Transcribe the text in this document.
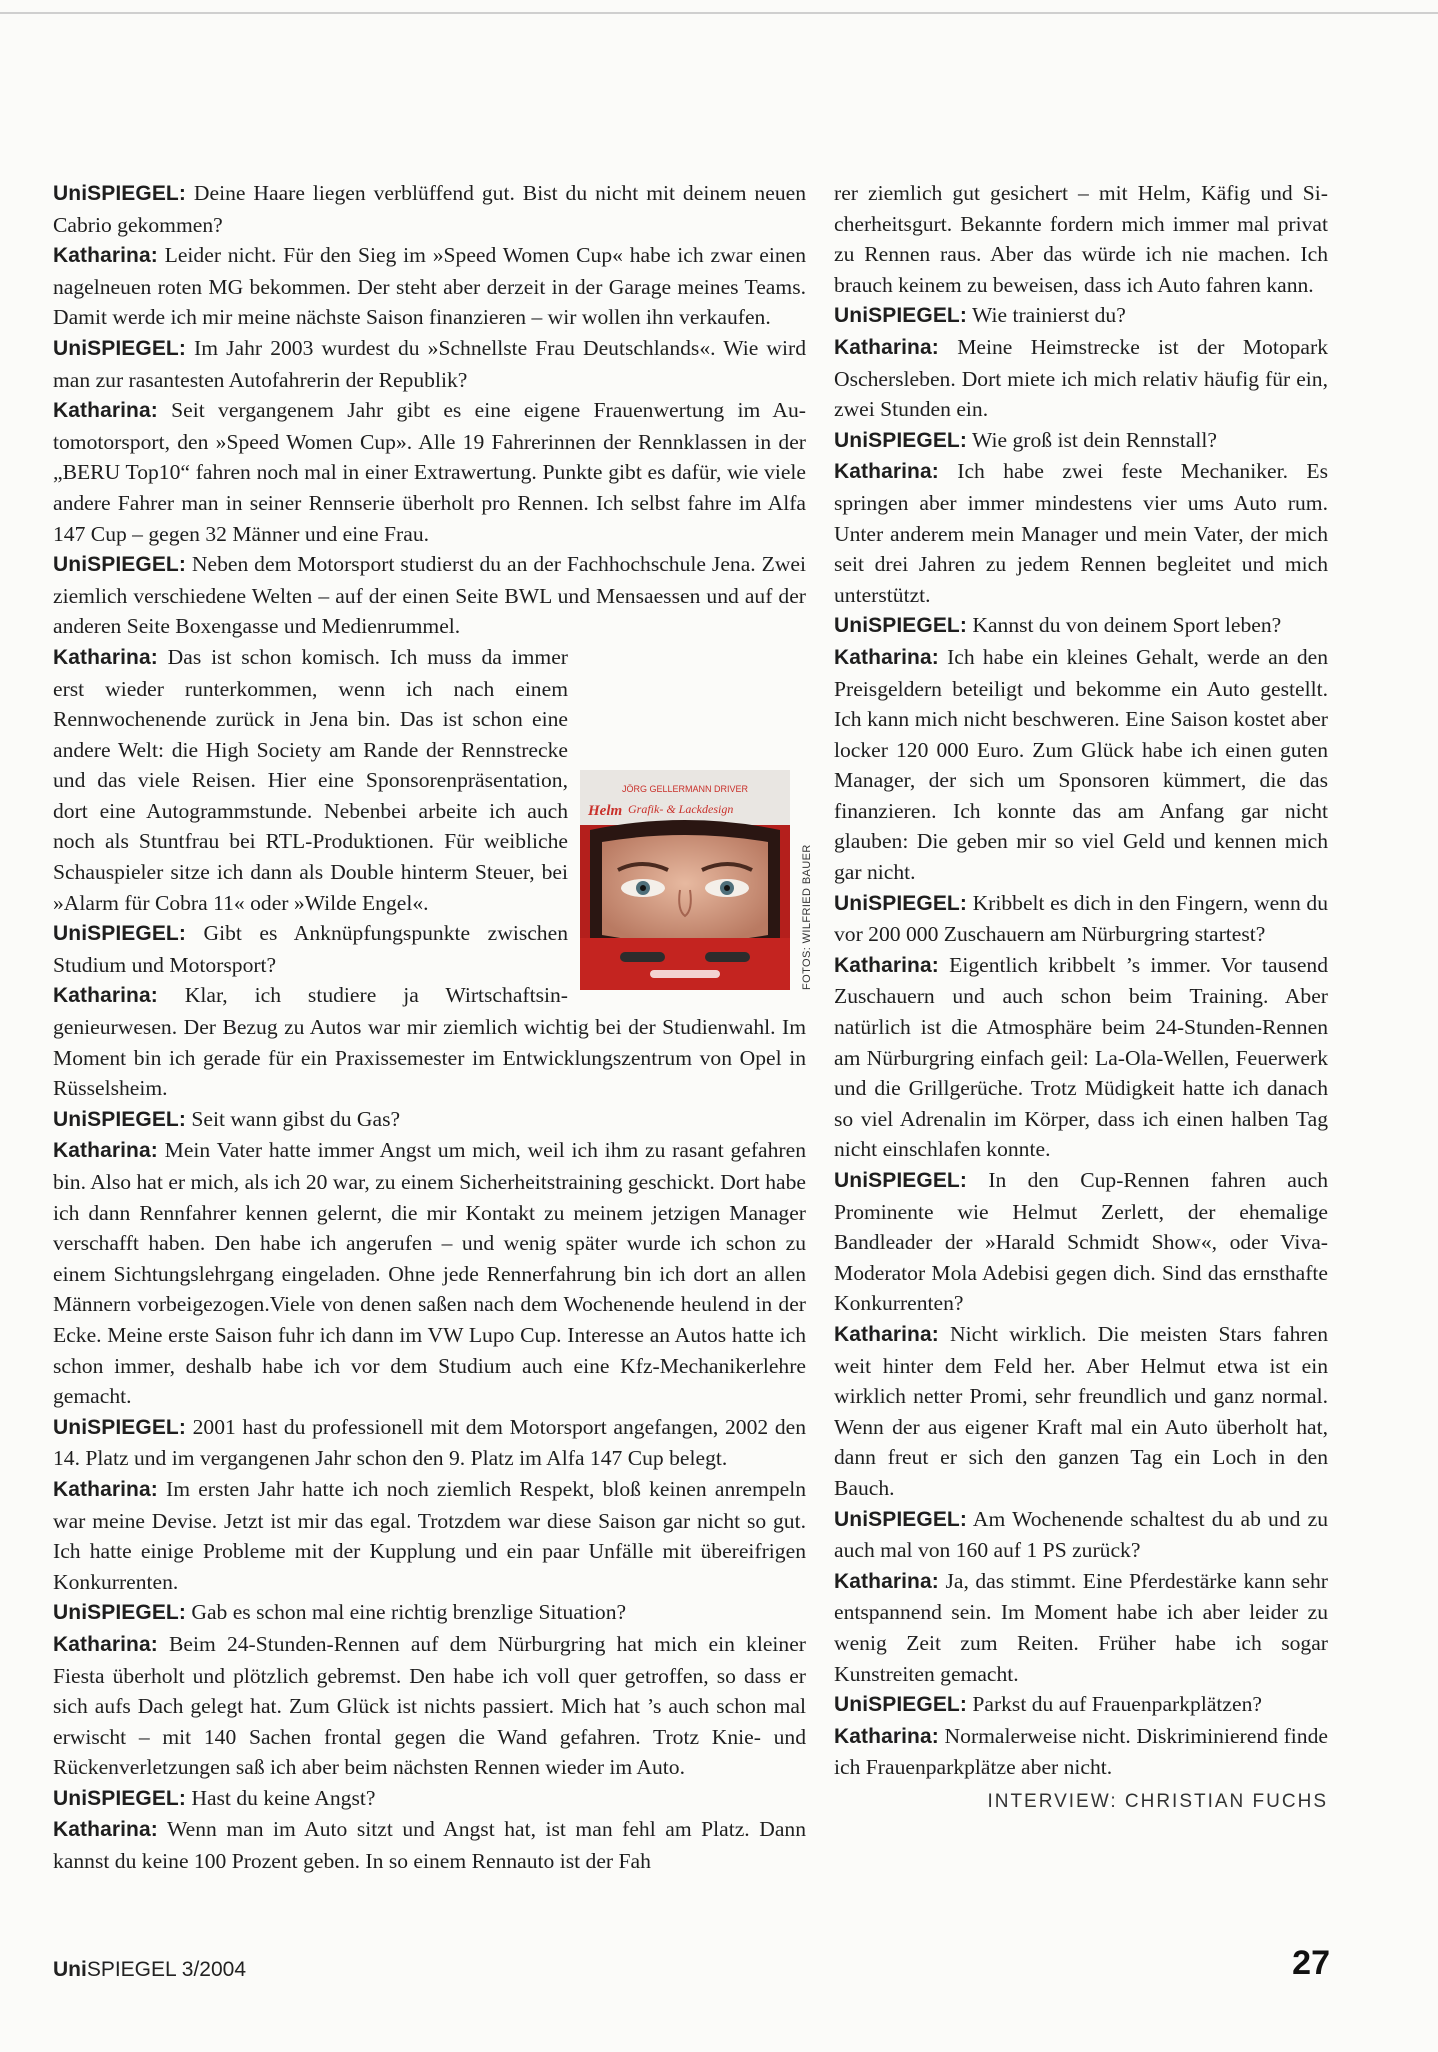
UniSPIEGEL: Deine Haare liegen verblüffend gut. Bist du nicht mit deinem neuen Cabrio gekommen?

Katharina: Leider nicht. Für den Sieg im »Speed Women Cup« habe ich zwar einen nagelneuen roten MG bekommen. Der steht aber derzeit in der Garage meines Teams. Damit werde ich mir meine nächste Saison finanzieren – wir wollen ihn verkaufen.

UniSPIEGEL: Im Jahr 2003 wurdest du »Schnellste Frau Deutschlands«. Wie wird man zur rasantesten Autofahrerin der Republik?

Katharina: Seit vergangenem Jahr gibt es eine eigene Frauenwertung im Automotorsport, den »Speed Women Cup». Alle 19 Fahrerinnen der Rennklassen in der „BERU Top10“ fahren noch mal in einer Extrawertung. Punkte gibt es dafür, wie viele andere Fahrer man in seiner Rennserie überholt pro Rennen. Ich selbst fahre im Alfa 147 Cup – gegen 32 Männer und eine Frau.

UniSPIEGEL: Neben dem Motorsport studierst du an der Fachhochschule Jena. Zwei ziemlich verschiedene Welten – auf der einen Seite BWL und Mensaessen und auf der anderen Seite Boxengasse und Medienrummel.

JÖRG GELLERMANN DRIVER
Helm Grafik- & Lackdesign
FOTOS: WILFRIED BAUER
Katharina: Das ist schon komisch. Ich muss da immer erst wieder runterkommen, wenn ich nach einem Rennwochenende zurück in Jena bin. Das ist schon eine andere Welt: die High Society am Rande der Rennstrecke und das viele Reisen. Hier eine Sponsorenpräsentation, dort eine Autogrammstunde. Nebenbei arbeite ich auch noch als Stuntfrau bei RTL-Produktionen. Für weibliche Schauspieler sitze ich dann als Double hinterm Steuer, bei »Alarm für Cobra 11« oder »Wilde Engel«.

UniSPIEGEL: Gibt es Anknüpfungspunkte zwischen Studium und Motorsport?

Katharina: Klar, ich studiere ja Wirtschaftsingenieurwesen. Der Bezug zu Autos war mir ziemlich wichtig bei der Studienwahl. Im Moment bin ich gerade für ein Praxissemester im Entwicklungszentrum von Opel in Rüsselsheim.

UniSPIEGEL: Seit wann gibst du Gas?

Katharina: Mein Vater hatte immer Angst um mich, weil ich ihm zu rasant gefahren bin. Also hat er mich, als ich 20 war, zu einem Sicherheitstraining geschickt. Dort habe ich dann Rennfahrer kennen gelernt, die mir Kontakt zu meinem jetzigen Manager verschafft haben. Den habe ich angerufen – und wenig später wurde ich schon zu einem Sichtungslehrgang eingeladen. Ohne jede Rennerfahrung bin ich dort an allen Männern vorbeigezogen.Viele von denen saßen nach dem Wochenende heulend in der Ecke. Meine erste Saison fuhr ich dann im VW Lupo Cup. Interesse an Autos hatte ich schon immer, deshalb habe ich vor dem Studium auch eine Kfz-Mechanikerlehre gemacht.

UniSPIEGEL: 2001 hast du professionell mit dem Motorsport angefangen, 2002 den 14. Platz und im vergangenen Jahr schon den 9. Platz im Alfa 147 Cup belegt.

Katharina: Im ersten Jahr hatte ich noch ziemlich Respekt, bloß keinen anrempeln war meine Devise. Jetzt ist mir das egal. Trotzdem war diese Saison gar nicht so gut. Ich hatte einige Probleme mit der Kupplung und ein paar Unfälle mit übereifrigen Konkurrenten.

UniSPIEGEL: Gab es schon mal eine richtig brenzlige Situation?

Katharina: Beim 24-Stunden-Rennen auf dem Nürburgring hat mich ein kleiner Fiesta überholt und plötzlich gebremst. Den habe ich voll quer getroffen, so dass er sich aufs Dach gelegt hat. Zum Glück ist nichts passiert. Mich hat ’s auch schon mal erwischt – mit 140 Sachen frontal gegen die Wand gefahren. Trotz Knie- und Rückenverletzungen saß ich aber beim nächsten Rennen wieder im Auto.

UniSPIEGEL: Hast du keine Angst?

Katharina: Wenn man im Auto sitzt und Angst hat, ist man fehl am Platz. Dann kannst du keine 100 Prozent geben. In so einem Rennauto ist der Fah

rer ziemlich gut gesichert – mit Helm, Käfig und Sicherheitsgurt. Bekannte fordern mich immer mal privat zu Rennen raus. Aber das würde ich nie machen. Ich brauch keinem zu beweisen, dass ich Auto fahren kann.

UniSPIEGEL: Wie trainierst du?

Katharina: Meine Heimstrecke ist der Motopark Oschersleben. Dort miete ich mich relativ häufig für ein, zwei Stunden ein.

UniSPIEGEL: Wie groß ist dein Rennstall?

Katharina: Ich habe zwei feste Mechaniker. Es springen aber immer mindestens vier ums Auto rum. Unter anderem mein Manager und mein Vater, der mich seit drei Jahren zu jedem Rennen begleitet und mich unterstützt.

UniSPIEGEL: Kannst du von deinem Sport leben?

Katharina: Ich habe ein kleines Gehalt, werde an den Preisgeldern beteiligt und bekomme ein Auto gestellt. Ich kann mich nicht beschweren. Eine Saison kostet aber locker 120 000 Euro. Zum Glück habe ich einen guten Manager, der sich um Sponsoren kümmert, die das finanzieren. Ich konnte das am Anfang gar nicht glauben: Die geben mir so viel Geld und kennen mich gar nicht.

UniSPIEGEL: Kribbelt es dich in den Fingern, wenn du vor 200 000 Zuschauern am Nürburgring startest?

Katharina: Eigentlich kribbelt ’s immer. Vor tausend Zuschauern und auch schon beim Training. Aber natürlich ist die Atmosphäre beim 24-Stunden-Rennen am Nürburgring einfach geil: La-Ola-Wellen, Feuerwerk und die Grillgerüche. Trotz Müdigkeit hatte ich danach so viel Adrenalin im Körper, dass ich einen halben Tag nicht einschlafen konnte.

UniSPIEGEL: In den Cup-Rennen fahren auch Prominente wie Helmut Zerlett, der ehemalige Bandleader der »Harald Schmidt Show«, oder Viva-Moderator Mola Adebisi gegen dich. Sind das ernsthafte Konkurrenten?

Katharina: Nicht wirklich. Die meisten Stars fahren weit hinter dem Feld her. Aber Helmut etwa ist ein wirklich netter Promi, sehr freundlich und ganz normal. Wenn der aus eigener Kraft mal ein Auto überholt hat, dann freut er sich den ganzen Tag ein Loch in den Bauch.

UniSPIEGEL: Am Wochenende schaltest du ab und zu auch mal von 160 auf 1 PS zurück?

Katharina: Ja, das stimmt. Eine Pferdestärke kann sehr entspannend sein. Im Moment habe ich aber leider zu wenig Zeit zum Reiten. Früher habe ich sogar Kunstreiten gemacht.

UniSPIEGEL: Parkst du auf Frauenparkplätzen?

Katharina: Normalerweise nicht. Diskriminierend finde ich Frauenparkplätze aber nicht.

INTERVIEW: CHRISTIAN FUCHS
UniSPIEGEL 3/2004	27
